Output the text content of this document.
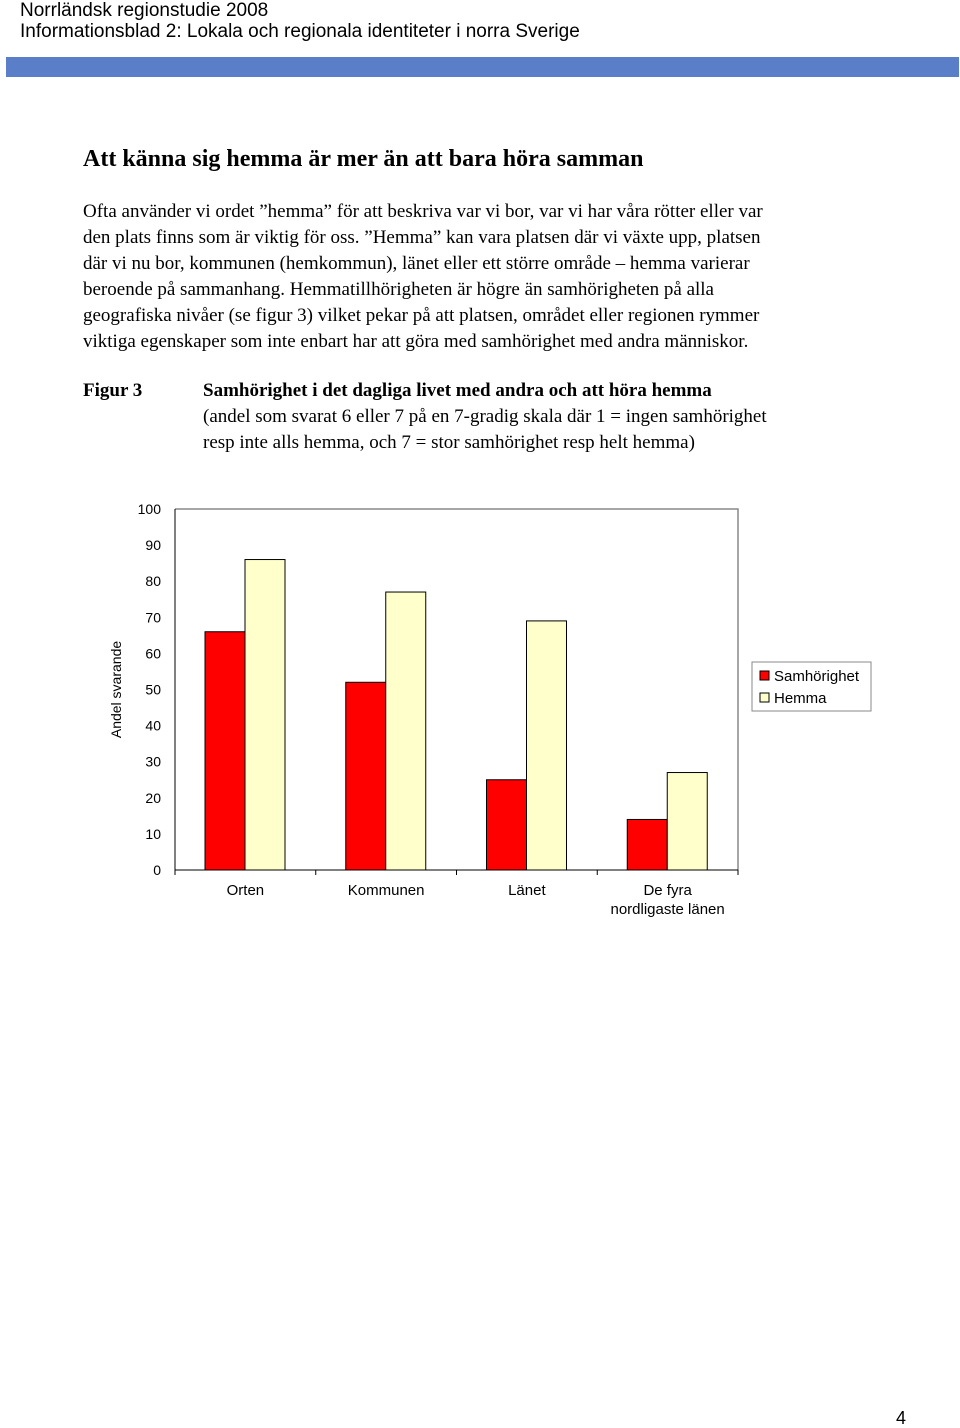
Norrländsk regionstudie 2008
Informationsblad 2: Lokala och regionala identiteter i norra Sverige
Att känna sig hemma är mer än att bara höra samman
Ofta använder vi ordet ”hemma” för att beskriva var vi bor, var vi har våra rötter eller var
den plats finns som är viktig för oss. ”Hemma” kan vara platsen där vi växte upp, platsen
där vi nu bor, kommunen (hemkommun), länet eller ett större område – hemma varierar
beroende på sammanhang. Hemmatillhörigheten är högre än samhörigheten på alla
geografiska nivåer (se figur 3) vilket pekar på att platsen, området eller regionen rymmer
viktiga egenskaper som inte enbart har att göra med samhörighet med andra människor.
Figur 3	Samhörighet i det dagliga livet med andra och att höra hemma
(andel som svarat 6 eller 7 på en 7-gradig skala där 1 = ingen samhörighet
resp inte alls hemma, och 7 = stor samhörighet resp helt hemma)
100
90
80
70
60
50
40
30
20
10
0
Andel svarande
Orten	Kommunen	Länet	De fyra
nordligaste länen
Samhörighet
Hemma
4
